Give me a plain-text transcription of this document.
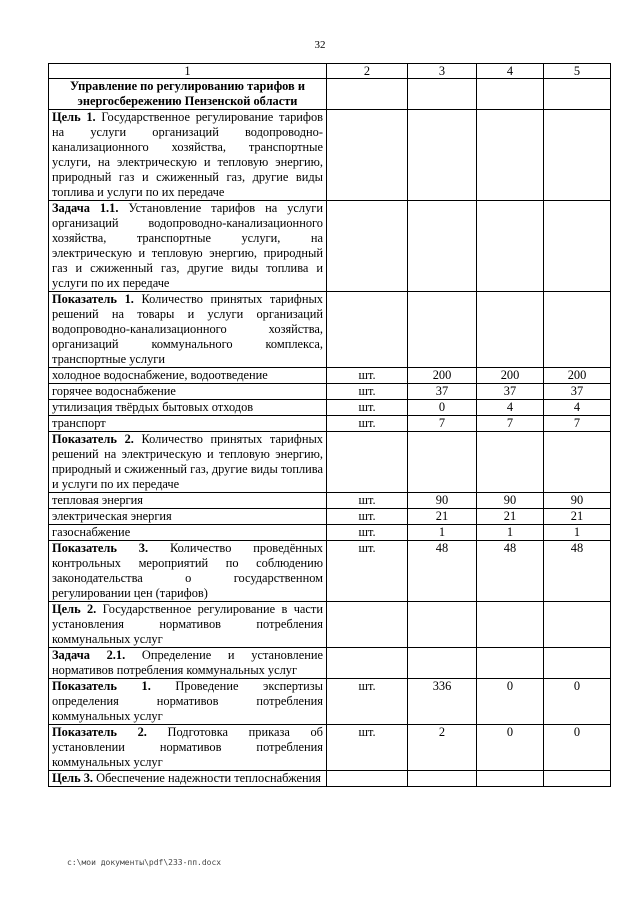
32
1	2	3	4	5
Управление по регулированию тарифов и энергосбережению Пензенской области				

Цель 1. Государственное регулирование тарифов на услуги организаций водопроводно-канализационного хозяйства, транспортные услуги, на электрическую и тепловую энергию, природный газ и сжиженный газ, другие виды топлива и услуги по их передаче				

Задача 1.1. Установление тарифов на услуги организаций водопроводно-канализационного хозяйства, транспортные услуги, на электрическую и тепловую энергию, природный газ и сжиженный газ, другие виды топлива и услуги по их передаче				

Показатель 1. Количество принятых тарифных решений на товары и услуги организаций водопроводно-канализационного хозяйства, организаций коммунального комплекса, транспортные услуги				

холодное водоснабжение, водоотведение	шт.	200	200	200
горячее водоснабжение	шт.	37	37	37
утилизация твёрдых бытовых отходов	шт.	0	4	4
транспорт	шт.	7	7	7

Показатель 2. Количество принятых тарифных решений на электрическую и тепловую энергию, природный и сжиженный газ, другие виды топлива и услуги по их передаче				

тепловая энергия	шт.	90	90	90
электрическая энергия	шт.	21	21	21
газоснабжение	шт.	1	1	1

Показатель 3. Количество проведённых контрольных мероприятий по соблюдению законодательства о государственном регулировании цен (тарифов)	шт.	48	48	48

Цель 2. Государственное регулирование в части установления нормативов потребления коммунальных услуг				

Задача 2.1. Определение и установление нормативов потребления коммунальных услуг				

Показатель 1. Проведение экспертизы определения нормативов потребления коммунальных услуг	шт.	336	0	0

Показатель 2. Подготовка приказа об установлении нормативов потребления коммунальных услуг	шт.	2	0	0

Цель 3. Обеспечение надежности теплоснабжения				

c:\мои документы\pdf\233-пп.docx
